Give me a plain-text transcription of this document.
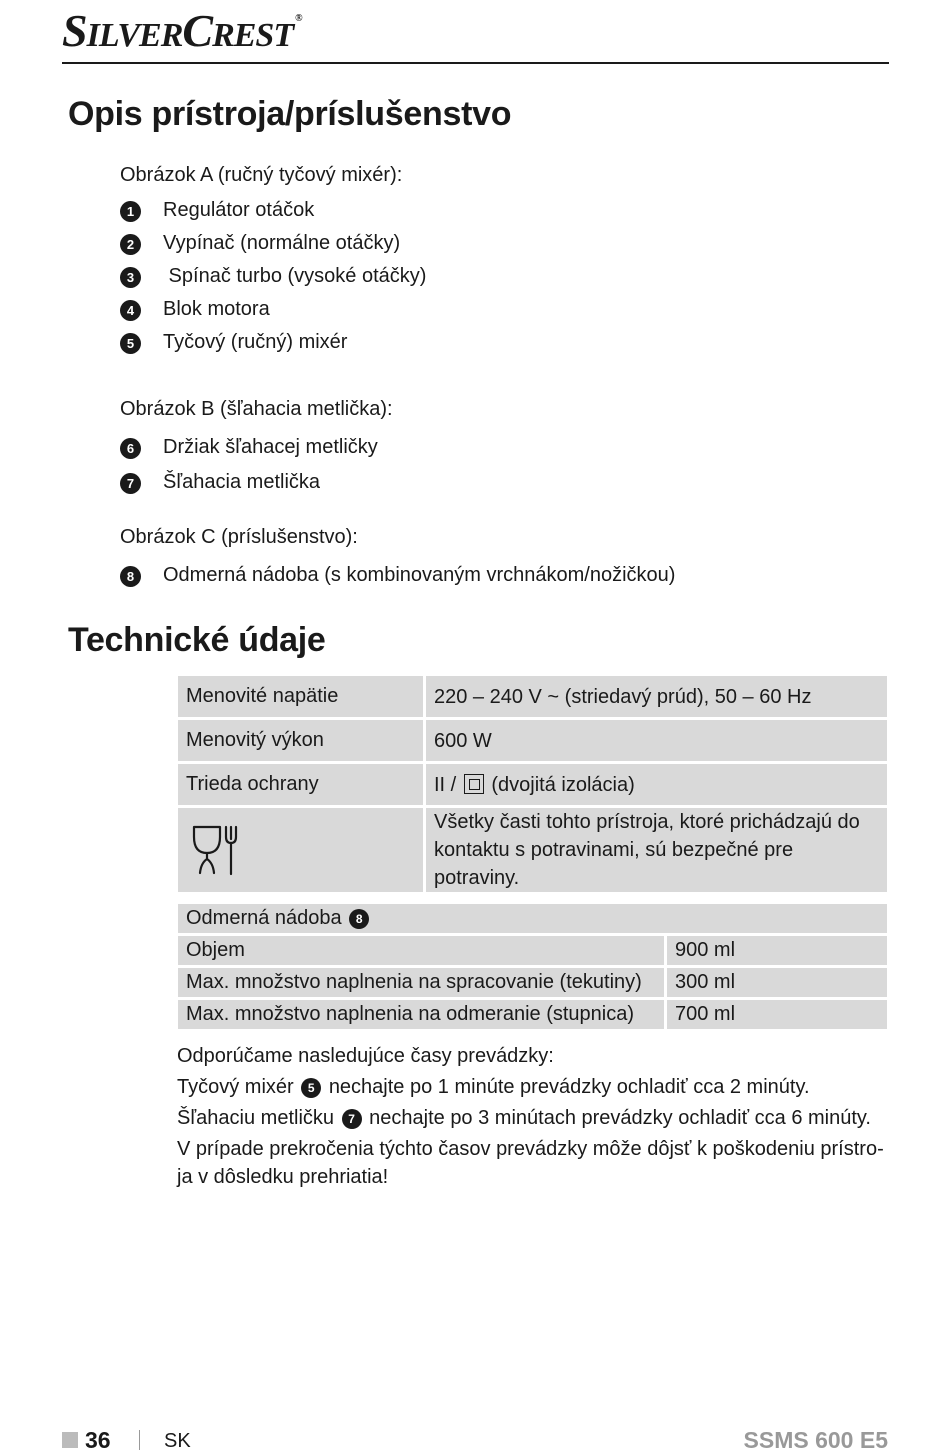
SILVERCREST ®
Opis prístroja/príslušenstvo
Obrázok A (ručný tyčový mixér):
1	Regulátor otáčok
2	Vypínač (normálne otáčky)
3	Spínač turbo (vysoké otáčky)
4	Blok motora
5	Tyčový (ručný) mixér
Obrázok B (šľahacia metlička):
6	Držiak šľahacej metličky
7	Šľahacia metlička
Obrázok C (príslušenstvo):
8	Odmerná nádoba (s kombinovaným vrchnákom/nožičkou)
Technické údaje
Menovité napätie	220 – 240 V ~ (striedavý prúd), 50 – 60 Hz
Menovitý výkon	600 W
Trieda ochrany	II / (dvojitá izolácia)

	Všetky časti tohto prístroja, ktoré prichádzajú do
kontaktu s potravinami, sú bezpečné pre potraviny.
Odmerná nádoba 8	
Objem	900 ml
Max. množstvo naplnenia na spracovanie (tekutiny)	300 ml
Max. množstvo naplnenia na odmeranie (stupnica)	700 ml
Odporúčame nasledujúce časy prevádzky:
Tyčový mixér 5 nechajte po 1 minúte prevádzky ochladiť cca 2 minúty.
Šľahaciu metličku 7 nechajte po 3 minútach prevádzky ochladiť cca 6 minúty.
V prípade prekročenia týchto časov prevádzky môže dôjsť k poškodeniu prístro-
ja v dôsledku prehriatia!
36	SK	SSMS 600 E5
